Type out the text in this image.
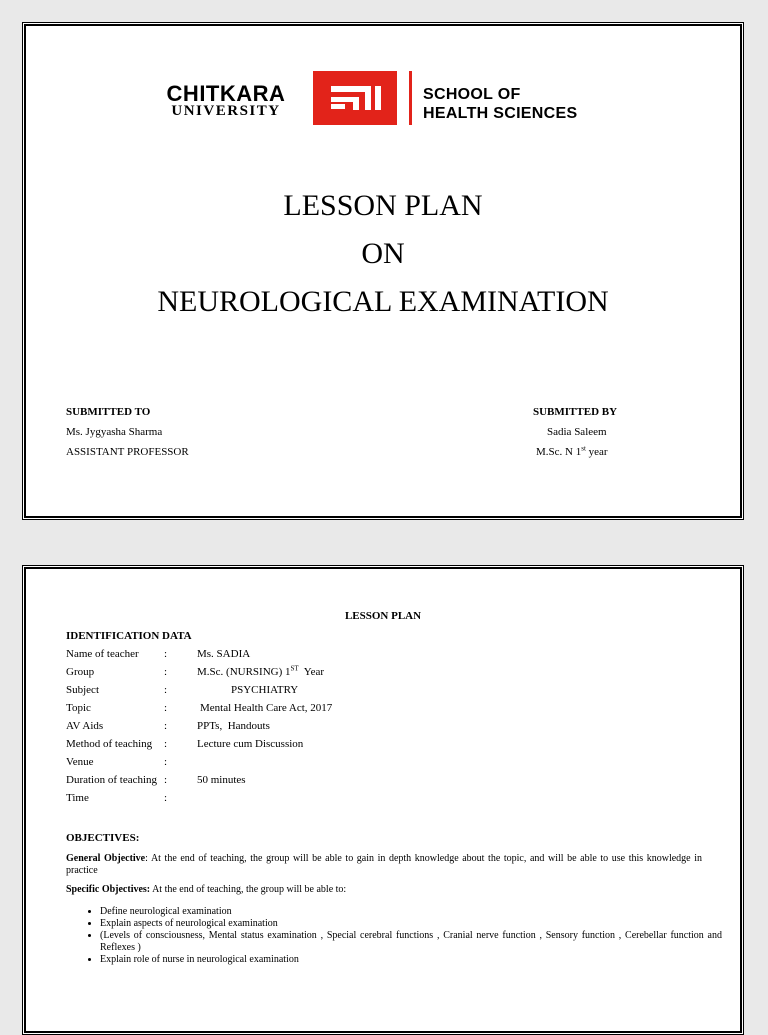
CHITKARA
UNIVERSITY
SCHOOL OF
HEALTH SCIENCES
LESSON PLAN
ON
NEUROLOGICAL EXAMINATION
SUBMITTED TO
Ms. Jygyasha Sharma
ASSISTANT PROFESSOR
SUBMITTED BY
Sadia Saleem
M.Sc. N 1st year
LESSON PLAN
IDENTIFICATION DATA
Name of teacher :	Ms. SADIA
Group	:	M.Sc. (NURSING) 1ST  Year
Subject	:	PSYCHIATRY
Topic	:	Mental Health Care Act, 2017
AV Aids	:	PPTs,  Handouts
Method of teaching :	Lecture cum Discussion
Venue	:
Duration of teaching :	50 minutes
Time	:
OBJECTIVES:
General Objective: At the end of teaching, the group will be able to gain in depth knowledge about the topic, and will be able to use this knowledge in practice
Specific Objectives: At the end of teaching, the group will be able to:
• Define neurological examination
• Explain aspects of neurological examination
• (Levels of consciousness, Mental status examination , Special cerebral functions , Cranial nerve function , Sensory function , Cerebellar function and Reflexes )
• Explain role of nurse in neurological examination
